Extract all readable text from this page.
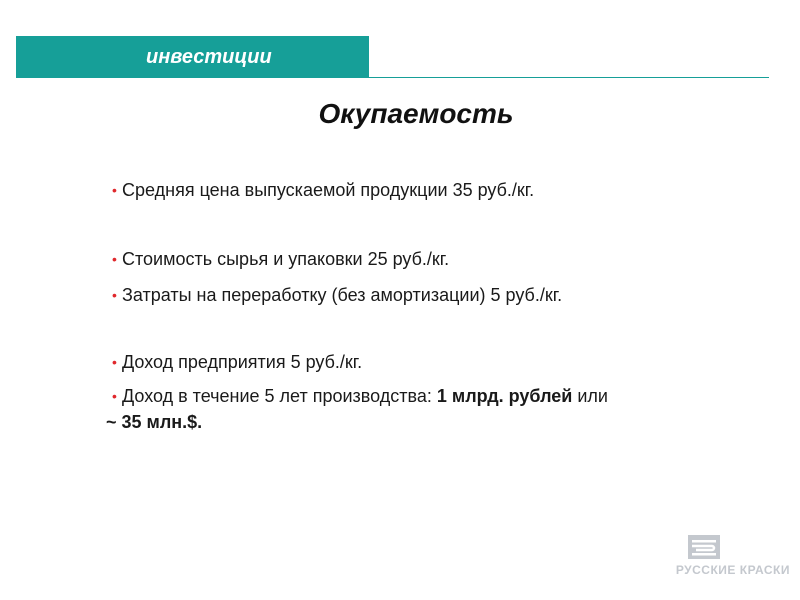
инвестиции
Окупаемость
• Средняя цена выпускаемой продукции 35 руб./кг.
• Стоимость сырья и упаковки 25 руб./кг.
• Затраты на переработку (без амортизации) 5 руб./кг.
• Доход предприятия 5 руб./кг.
• Доход в течение 5 лет производства: 1 млрд. рублей или
~ 35 млн.$.
РУССКИЕ КРАСКИ
